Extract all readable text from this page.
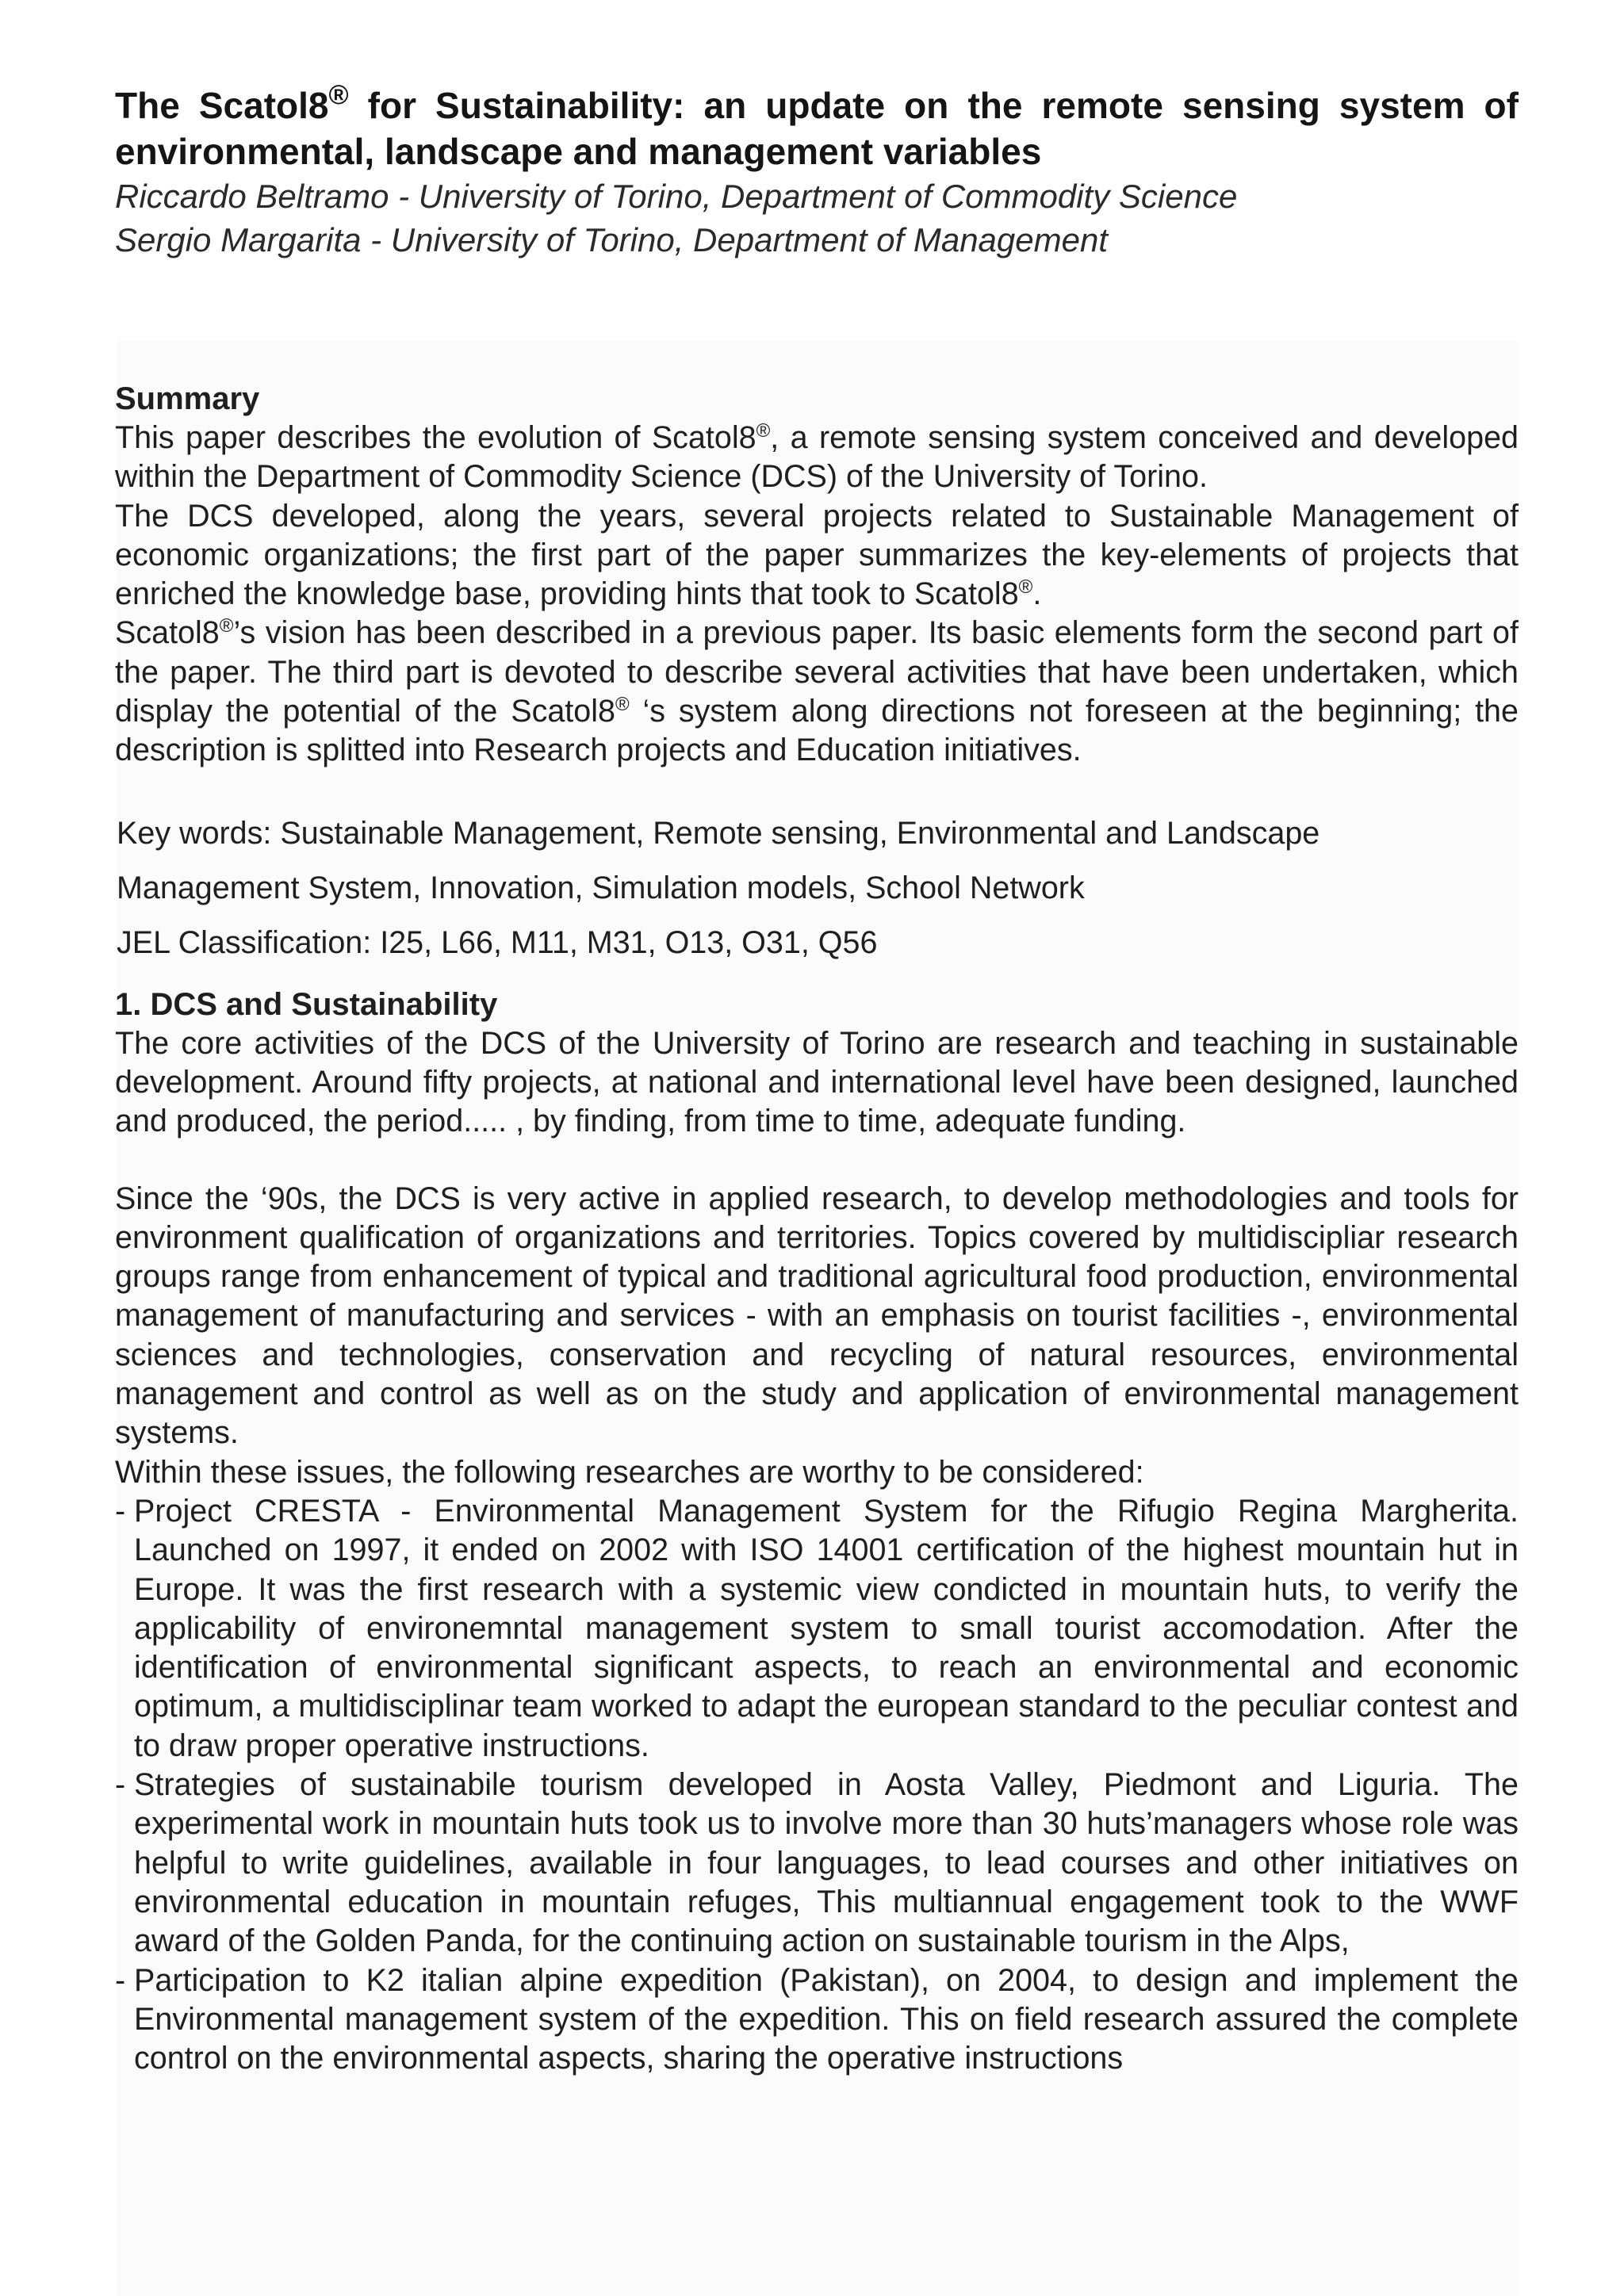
The Scatol8® for Sustainability: an update on the remote sensing system of environmental, landscape and management variables

Riccardo Beltramo - University of Torino, Department of Commodity Science

Sergio Margarita - University of Torino, Department of Management

Summary

This paper describes the evolution of Scatol8®, a remote sensing system conceived and developed within the Department of Commodity Science (DCS) of the University of Torino.

The DCS developed, along the years, several projects related to Sustainable Management of economic organizations; the first part of the paper summarizes the key-elements of projects that enriched the knowledge base, providing hints that took to Scatol8®.

Scatol8®’s vision has been described in a previous paper. Its basic elements form the second part of the paper. The third part is devoted to describe several activities that have been undertaken, which display the potential of the Scatol8® ‘s system along directions not foreseen at the beginning; the description is splitted into Research projects and Education initiatives.

Key words: Sustainable Management, Remote sensing, Environmental and Landscape

Management System, Innovation, Simulation models, School Network

JEL Classification: I25, L66, M11, M31, O13, O31, Q56

1. DCS and Sustainability

The core activities of the DCS of the University of Torino are research and teaching in sustainable development. Around fifty projects, at national and international level have been designed, launched and produced, the period..... , by finding, from time to time, adequate funding.

Since the ‘90s, the DCS is very active in applied research, to develop methodologies and tools for environment qualification of organizations and territories. Topics covered by multidiscipliar research groups range from enhancement of typical and traditional agricultural food production, environmental management of manufacturing and services - with an emphasis on tourist facilities -, environmental sciences and technologies, conservation and recycling of natural resources, environmental management and control as well as on the study and application of environmental management systems.

Within these issues, the following researches are worthy to be considered:

- Project CRESTA - Environmental Management System for the Rifugio Regina Margherita. Launched on 1997, it ended on 2002 with ISO 14001 certification of the highest mountain hut in Europe. It was the first research with a systemic view condicted in mountain huts, to verify the applicability of environemntal management system to small tourist accomodation. After the identification of environmental significant aspects, to reach an environmental and economic optimum, a multidisciplinar team worked to adapt the european standard to the peculiar contest and to draw proper operative instructions.
- Strategies of sustainabile tourism developed in Aosta Valley, Piedmont and Liguria. The experimental work in mountain huts took us to involve more than 30 huts’managers whose role was helpful to write guidelines, available in four languages, to lead courses and other initiatives on environmental education in mountain refuges, This multiannual engagement took to the WWF award of the Golden Panda, for the continuing action on sustainable tourism in the Alps,
- Participation to K2 italian alpine expedition (Pakistan), on 2004, to design and implement the Environmental management system of the expedition. This on field research assured the complete control on the environmental aspects, sharing the operative instructions
